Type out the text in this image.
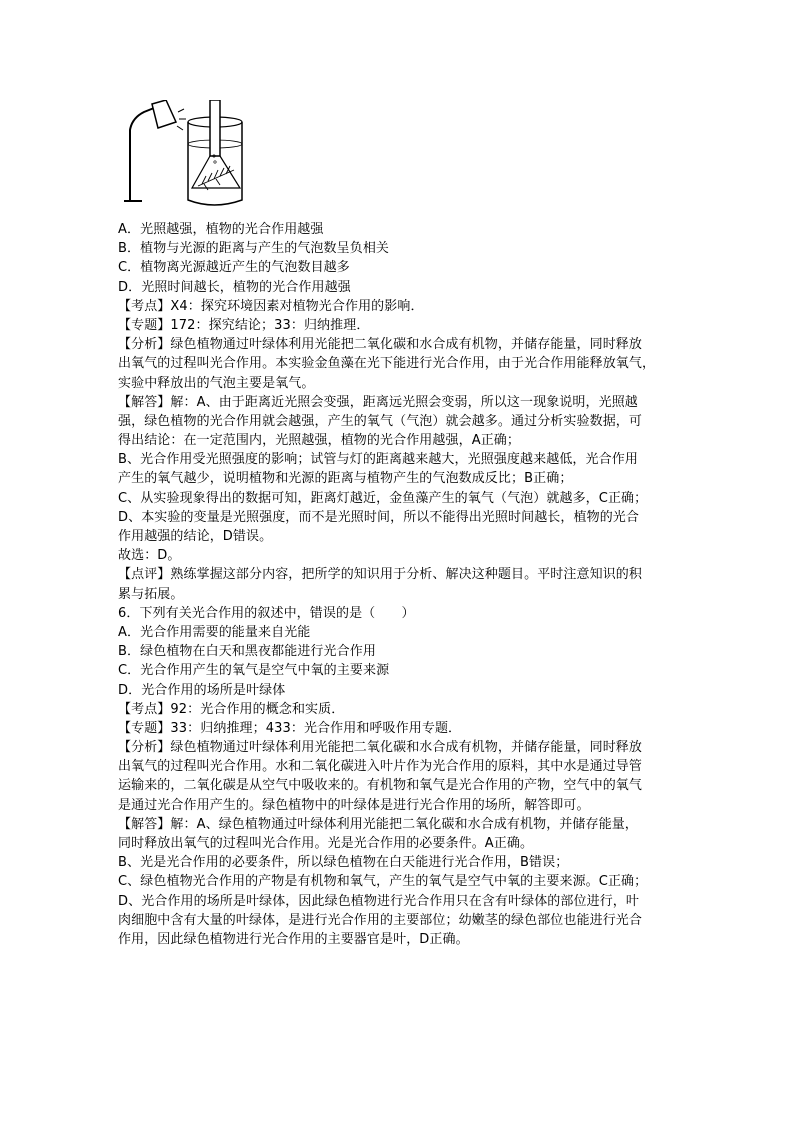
A．光照越强，植物的光合作用越强
B．植物与光源的距离与产生的气泡数呈负相关
C．植物离光源越近产生的气泡数目越多
D．光照时间越长，植物的光合作用越强
【考点】X4：探究环境因素对植物光合作用的影响．
【专题】172：探究结论；33：归纳推理．
【分析】绿色植物通过叶绿体利用光能把二氧化碳和水合成有机物，并储存能量，同时释放
出氧气的过程叫光合作用。本实验金鱼藻在光下能进行光合作用，由于光合作用能释放氧气，
实验中释放出的气泡主要是氧气。
【解答】解：A、由于距离近光照会变强，距离远光照会变弱，所以这一现象说明，光照越
强，绿色植物的光合作用就会越强，产生的氧气（气泡）就会越多。通过分析实验数据，可
得出结论：在一定范围内，光照越强，植物的光合作用越强，A正确；
B、光合作用受光照强度的影响；试管与灯的距离越来越大，光照强度越来越低，光合作用
产生的氧气越少，说明植物和光源的距离与植物产生的气泡数成反比；B正确；
C、从实验现象得出的数据可知，距离灯越近，金鱼藻产生的氧气（气泡）就越多，C正确；
D、本实验的变量是光照强度，而不是光照时间，所以不能得出光照时间越长，植物的光合
作用越强的结论，D错误。
故选：D。
【点评】熟练掌握这部分内容，把所学的知识用于分析、解决这种题目。平时注意知识的积
累与拓展。
6．下列有关光合作用的叙述中，错误的是（　　）
A．光合作用需要的能量来自光能
B．绿色植物在白天和黑夜都能进行光合作用
C．光合作用产生的氧气是空气中氧的主要来源
D．光合作用的场所是叶绿体
【考点】92：光合作用的概念和实质．
【专题】33：归纳推理；433：光合作用和呼吸作用专题．
【分析】绿色植物通过叶绿体利用光能把二氧化碳和水合成有机物，并储存能量，同时释放
出氧气的过程叫光合作用。水和二氧化碳进入叶片作为光合作用的原料，其中水是通过导管
运输来的，二氧化碳是从空气中吸收来的。有机物和氧气是光合作用的产物，空气中的氧气
是通过光合作用产生的。绿色植物中的叶绿体是进行光合作用的场所，解答即可。
【解答】解：A、绿色植物通过叶绿体利用光能把二氧化碳和水合成有机物，并储存能量，
同时释放出氧气的过程叫光合作用。光是光合作用的必要条件。A正确。
B、光是光合作用的必要条件，所以绿色植物在白天能进行光合作用，B错误；
C、绿色植物光合作用的产物是有机物和氧气，产生的氧气是空气中氧的主要来源。C正确；
D、光合作用的场所是叶绿体，因此绿色植物进行光合作用只在含有叶绿体的部位进行，叶
肉细胞中含有大量的叶绿体，是进行光合作用的主要部位；幼嫩茎的绿色部位也能进行光合
作用，因此绿色植物进行光合作用的主要器官是叶，D正确。
